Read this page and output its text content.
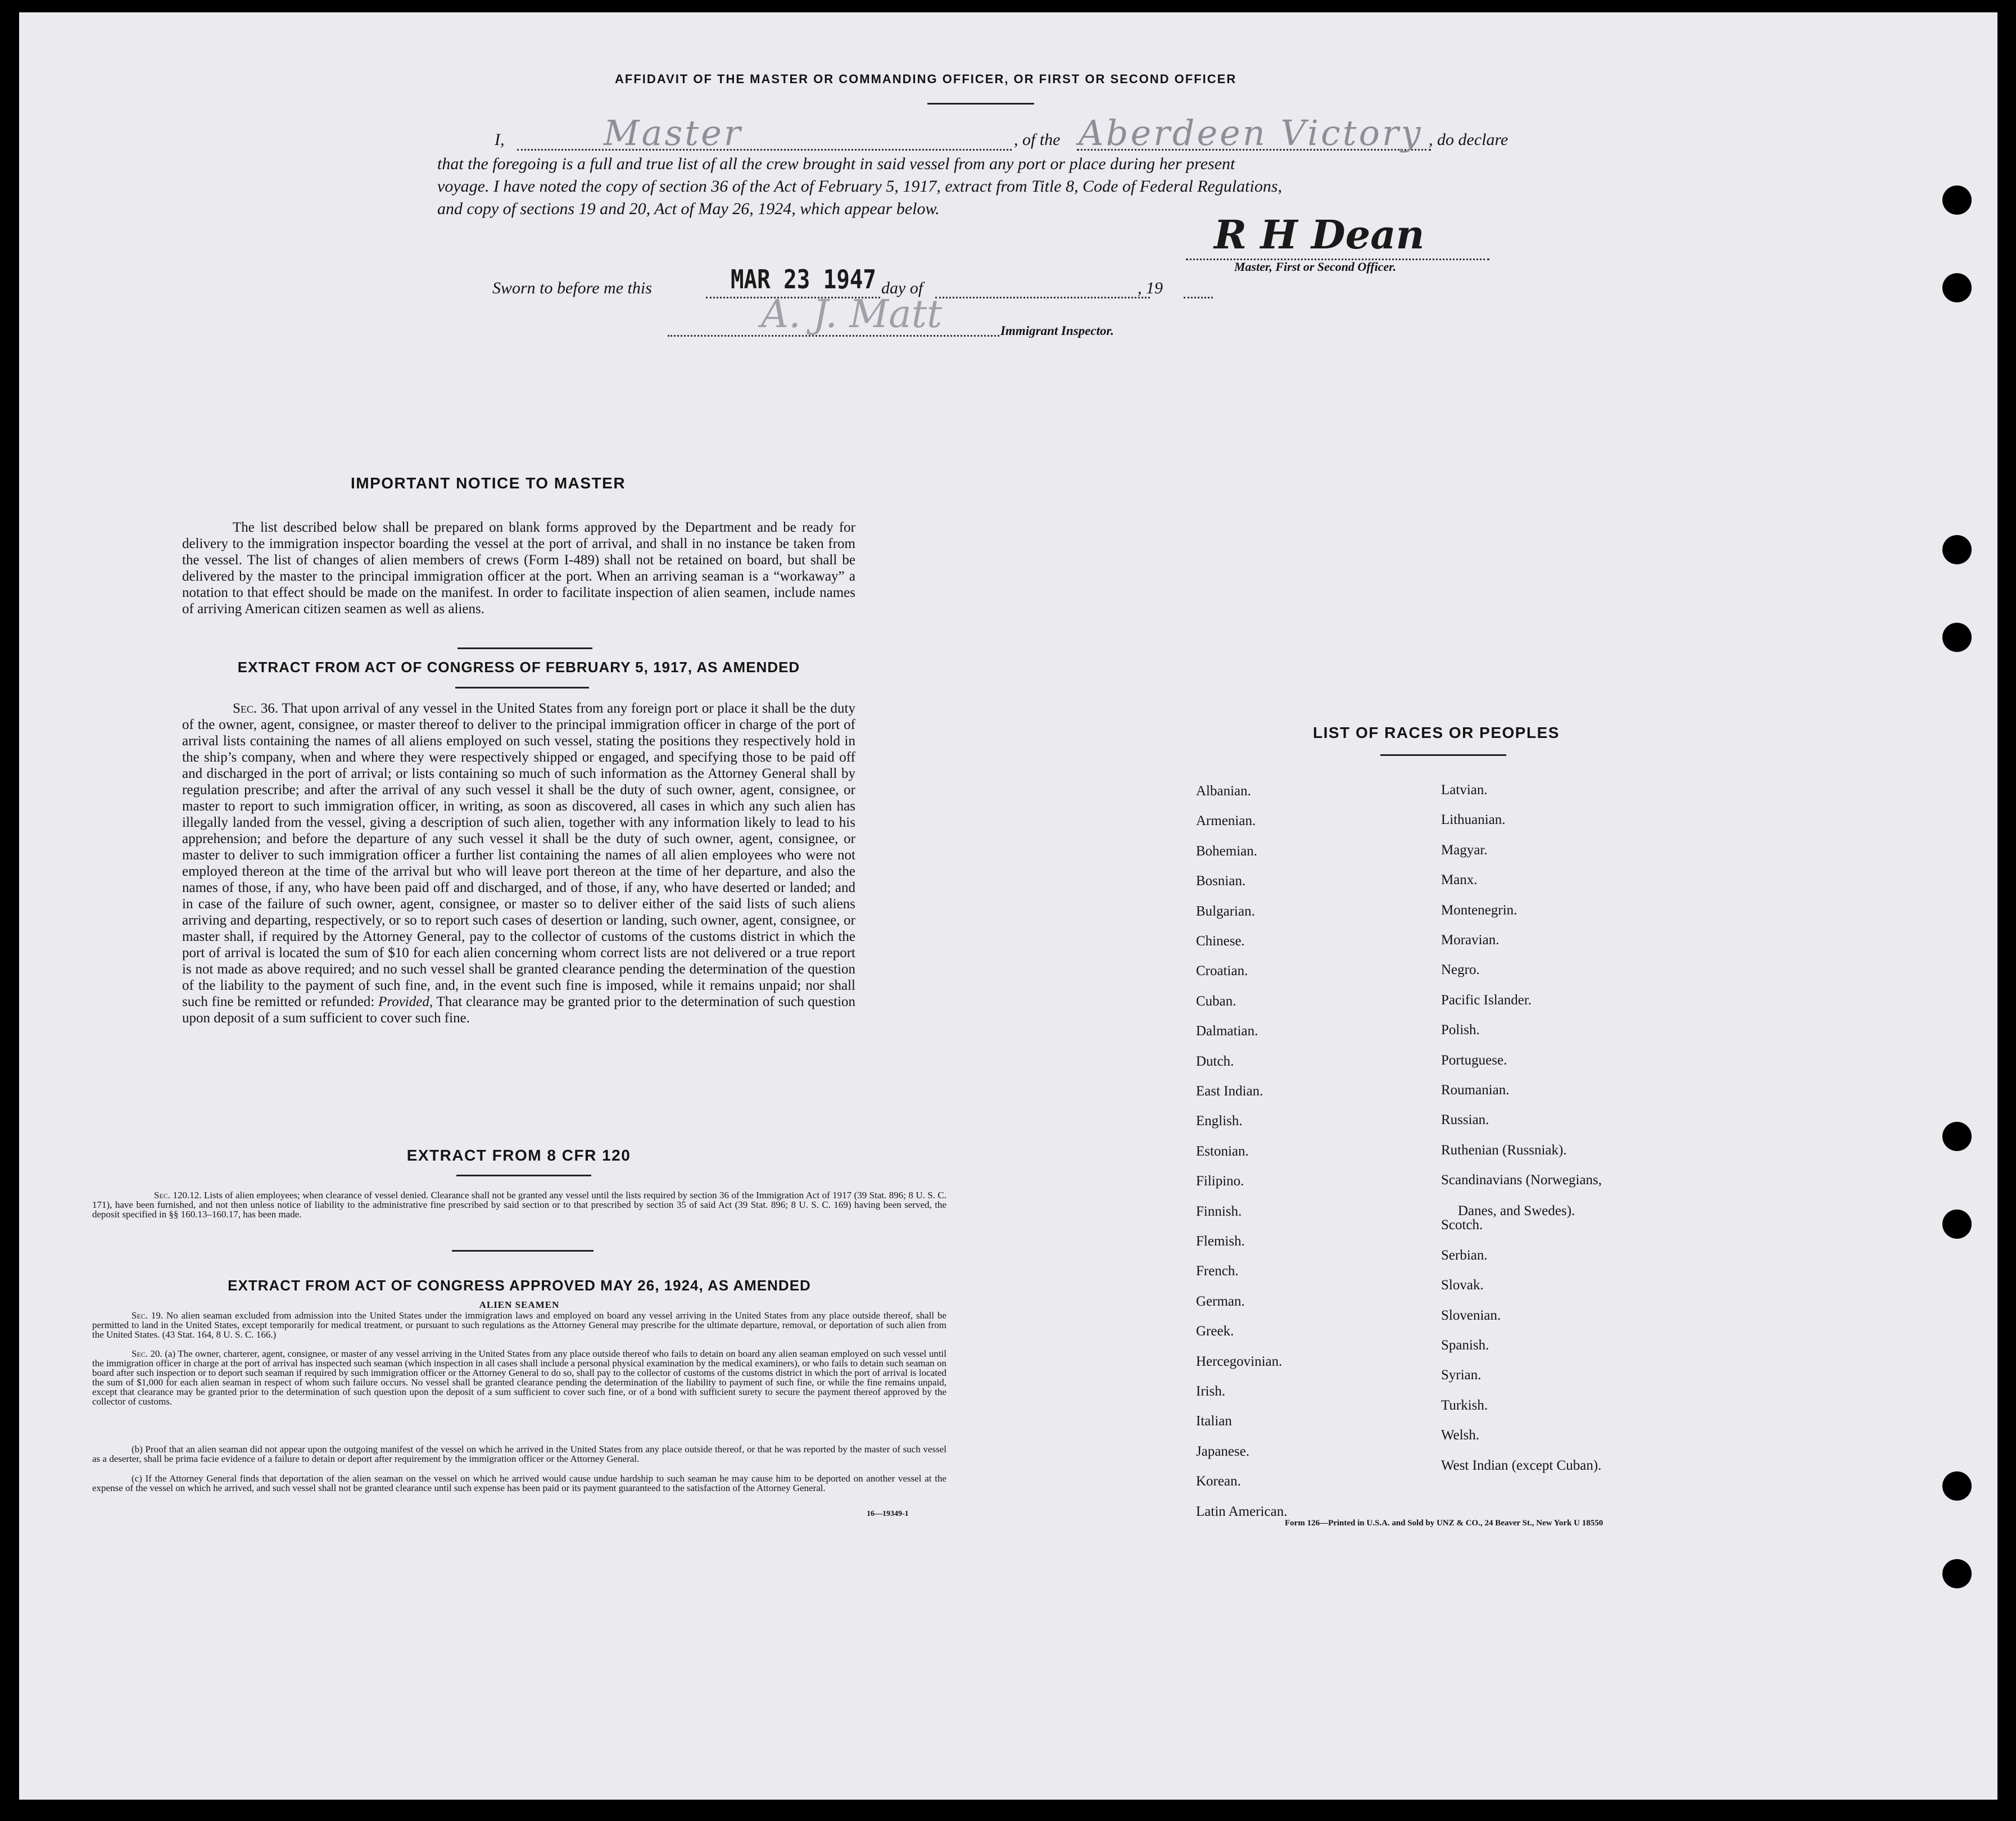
AFFIDAVIT OF THE MASTER OR COMMANDING OFFICER, OR FIRST OR SECOND OFFICER
I,	Master	, of the Aberdeen Victory , do declare
that the foregoing is a full and true list of all the crew brought in said vessel from any port or place during her present
voyage. I have noted the copy of section 36 of the Act of February 5, 1917, extract from Title 8, Code of Federal Regulations,
and copy of sections 19 and 20, Act of May 26, 1924, which appear below.
R H Dean
Master, First or Second Officer.
Sworn to before me this	MAR 23 1947 day of	, 19
A. J. Matt	Immigrant Inspector.
IMPORTANT NOTICE TO MASTER
The list described below shall be prepared on blank forms approved by the Department and be ready for delivery to the immigration inspector boarding the vessel at the port of arrival, and shall in no instance be taken from the vessel. The list of changes of alien members of crews (Form I-489) shall not be retained on board, but shall be delivered by the master to the principal immigration officer at the port. When an arriving seaman is a “workaway” a notation to that effect should be made on the manifest. In order to facilitate inspection of alien seamen, include names of arriving American citizen seamen as well as aliens.
EXTRACT FROM ACT OF CONGRESS OF FEBRUARY 5, 1917, AS AMENDED
Sec. 36. That upon arrival of any vessel in the United States from any foreign port or place it shall be the duty of the owner, agent, consignee, or master thereof to deliver to the principal immigration officer in charge of the port of arrival lists containing the names of all aliens employed on such vessel, stating the positions they respectively hold in the ship’s company, when and where they were respectively shipped or engaged, and specifying those to be paid off and discharged in the port of arrival; or lists containing so much of such information as the Attorney General shall by regulation prescribe; and after the arrival of any such vessel it shall be the duty of such owner, agent, consignee, or master to report to such immigration officer, in writing, as soon as discovered, all cases in which any such alien has illegally landed from the vessel, giving a description of such alien, together with any information likely to lead to his apprehension; and before the departure of any such vessel it shall be the duty of such owner, agent, consignee, or master to deliver to such immigration officer a further list containing the names of all alien employees who were not employed thereon at the time of the arrival but who will leave port thereon at the time of her departure, and also the names of those, if any, who have been paid off and discharged, and of those, if any, who have deserted or landed; and in case of the failure of such owner, agent, consignee, or master so to deliver either of the said lists of such aliens arriving and departing, respectively, or so to report such cases of desertion or landing, such owner, agent, consignee, or master shall, if required by the Attorney General, pay to the collector of customs of the customs district in which the port of arrival is located the sum of $10 for each alien concerning whom correct lists are not delivered or a true report is not made as above required; and no such vessel shall be granted clearance pending the determination of the question of the liability to the payment of such fine, and, in the event such fine is imposed, while it remains unpaid; nor shall such fine be remitted or refunded: Provided, That clearance may be granted prior to the determination of such question upon deposit of a sum sufficient to cover such fine.
EXTRACT FROM 8 CFR 120
Sec. 120.12. Lists of alien employees; when clearance of vessel denied. Clearance shall not be granted any vessel until the lists required by section 36 of the Immigration Act of 1917 (39 Stat. 896; 8 U. S. C. 171), have been furnished, and not then unless notice of liability to the administrative fine prescribed by said section or to that prescribed by section 35 of said Act (39 Stat. 896; 8 U. S. C. 169) having been served, the deposit specified in §§ 160.13–160.17, has been made.
EXTRACT FROM ACT OF CONGRESS APPROVED MAY 26, 1924, AS AMENDED
ALIEN SEAMEN
Sec. 19. No alien seaman excluded from admission into the United States under the immigration laws and employed on board any vessel arriving in the United States from any place outside thereof, shall be permitted to land in the United States, except temporarily for medical treatment, or pursuant to such regulations as the Attorney General may prescribe for the ultimate departure, removal, or deportation of such alien from the United States. (43 Stat. 164, 8 U. S. C. 166.)
Sec. 20. (a) The owner, charterer, agent, consignee, or master of any vessel arriving in the United States from any place outside thereof who fails to detain on board any alien seaman employed on such vessel until the immigration officer in charge at the port of arrival has inspected such seaman (which inspection in all cases shall include a personal physical examination by the medical examiners), or who fails to detain such seaman on board after such inspection or to deport such seaman if required by such immigration officer or the Attorney General to do so, shall pay to the collector of customs of the customs district in which the port of arrival is located the sum of $1,000 for each alien seaman in respect of whom such failure occurs. No vessel shall be granted clearance pending the determination of the liability to payment of such fine, or while the fine remains unpaid, except that clearance may be granted prior to the determination of such question upon the deposit of a sum sufficient to cover such fine, or of a bond with sufficient surety to secure the payment thereof approved by the collector of customs.
(b) Proof that an alien seaman did not appear upon the outgoing manifest of the vessel on which he arrived in the United States from any place outside thereof, or that he was reported by the master of such vessel as a deserter, shall be prima facie evidence of a failure to detain or deport after requirement by the immigration officer or the Attorney General.
(c) If the Attorney General finds that deportation of the alien seaman on the vessel on which he arrived would cause undue hardship to such seaman he may cause him to be deported on another vessel at the expense of the vessel on which he arrived, and such vessel shall not be granted clearance until such expense has been paid or its payment guaranteed to the satisfaction of the Attorney General.
16—19349-1
LIST OF RACES OR PEOPLES
Form 126—Printed in U.S.A. and Sold by UNZ & CO., 24 Beaver St., New York U 18550
Albanian.
Armenian.
Bohemian.
Bosnian.
Bulgarian.
Chinese.
Croatian.
Cuban.
Dalmatian.
Dutch.
East Indian.
English.
Estonian.
Filipino.
Finnish.
Flemish.
French.
German.
Greek.
Hercegovinian.
Irish.
Italian
Japanese.
Korean.
Latin American.
Latvian.
Lithuanian.
Magyar.
Manx.
Montenegrin.
Moravian.
Negro.
Pacific Islander.
Polish.
Portuguese.
Roumanian.
Russian.
Ruthenian (Russniak).
Scandinavians (Norwegians,
Danes, and Swedes).
Scotch.
Serbian.
Slovak.
Slovenian.
Spanish.
Syrian.
Turkish.
Welsh.
West Indian (except Cuban).
